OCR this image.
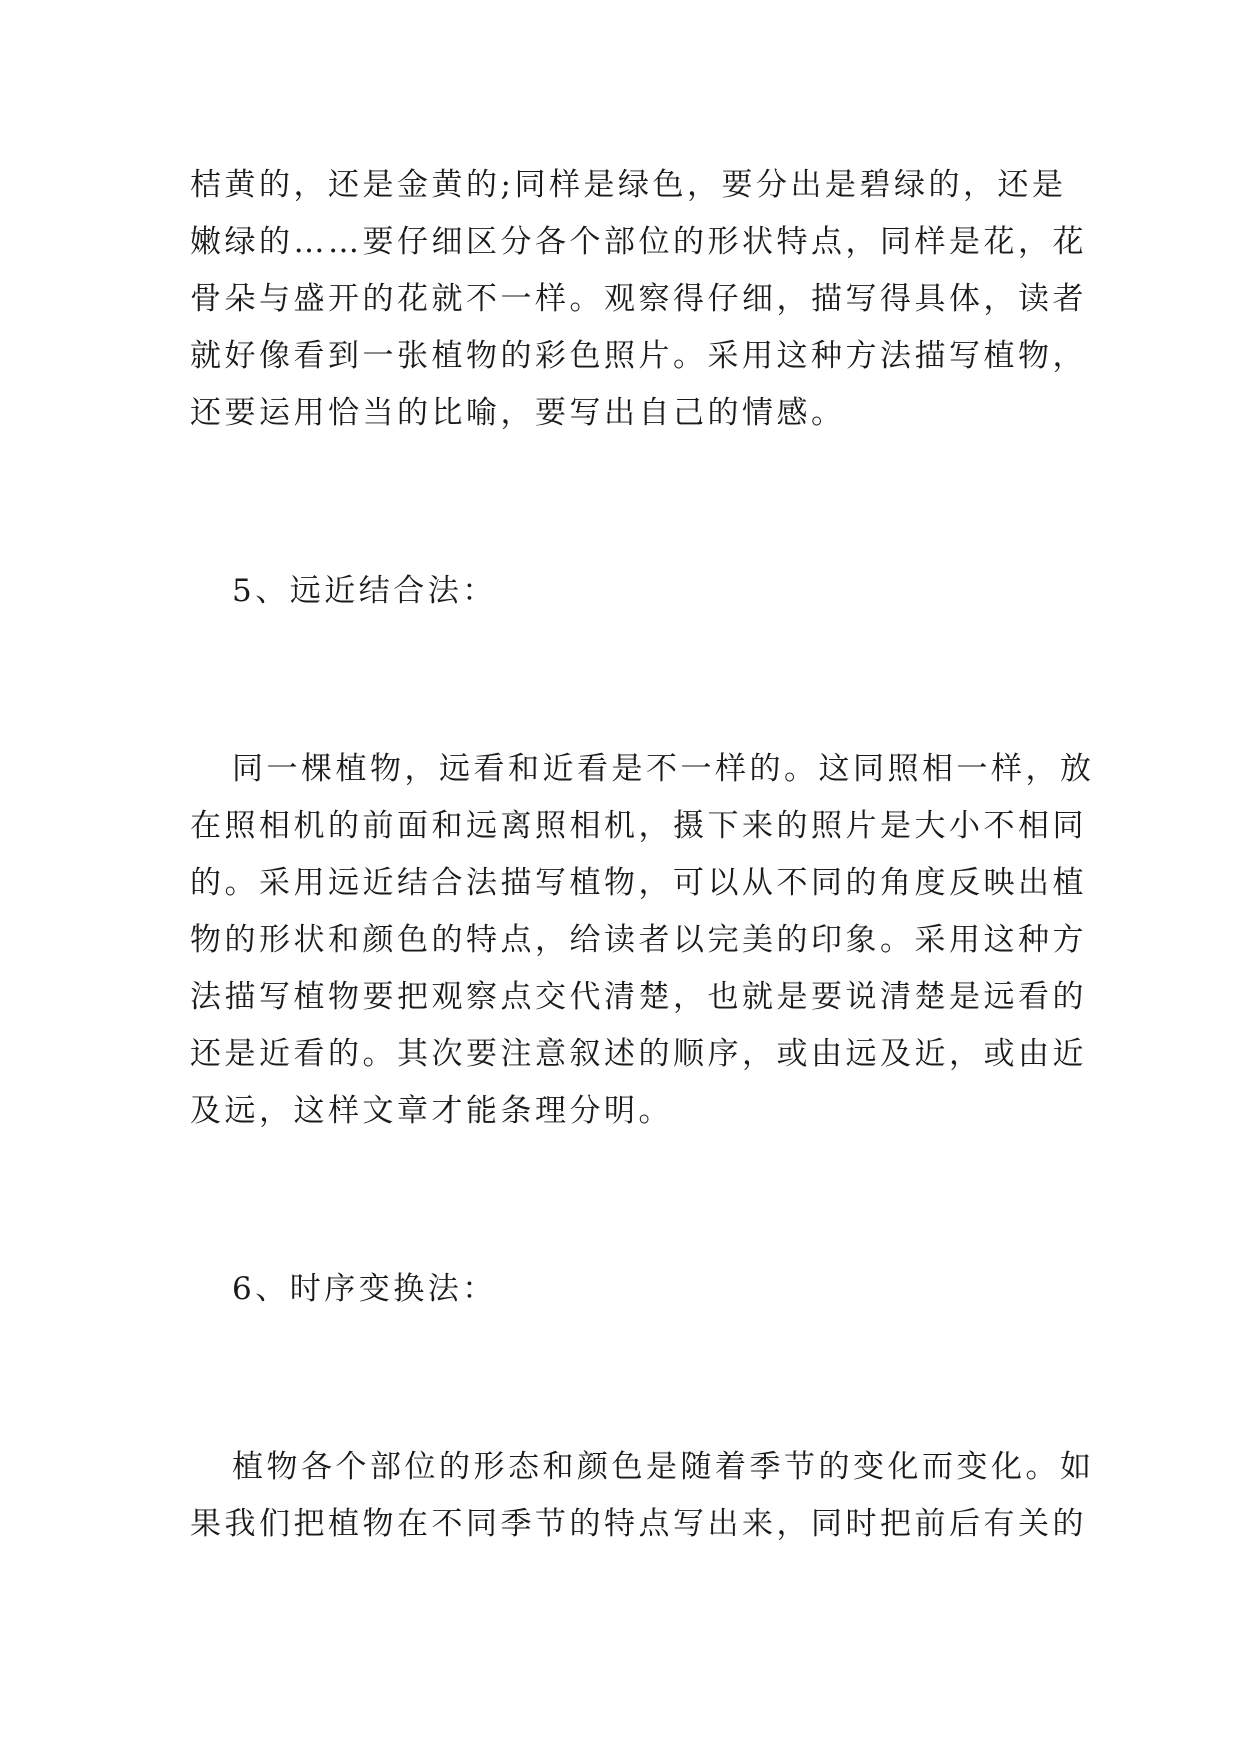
桔黄的，还是金黄的;同样是绿色，要分出是碧绿的，还是
嫩绿的……要仔细区分各个部位的形状特点，同样是花，花
骨朵与盛开的花就不一样。观察得仔细，描写得具体，读者
就好像看到一张植物的彩色照片。采用这种方法描写植物，
还要运用恰当的比喻，要写出自己的情感。
5、远近结合法：
同一棵植物，远看和近看是不一样的。这同照相一样，放
在照相机的前面和远离照相机，摄下来的照片是大小不相同
的。采用远近结合法描写植物，可以从不同的角度反映出植
物的形状和颜色的特点，给读者以完美的印象。采用这种方
法描写植物要把观察点交代清楚，也就是要说清楚是远看的
还是近看的。其次要注意叙述的顺序，或由远及近，或由近
及远，这样文章才能条理分明。
6、时序变换法：
植物各个部位的形态和颜色是随着季节的变化而变化。如
果我们把植物在不同季节的特点写出来，同时把前后有关的
